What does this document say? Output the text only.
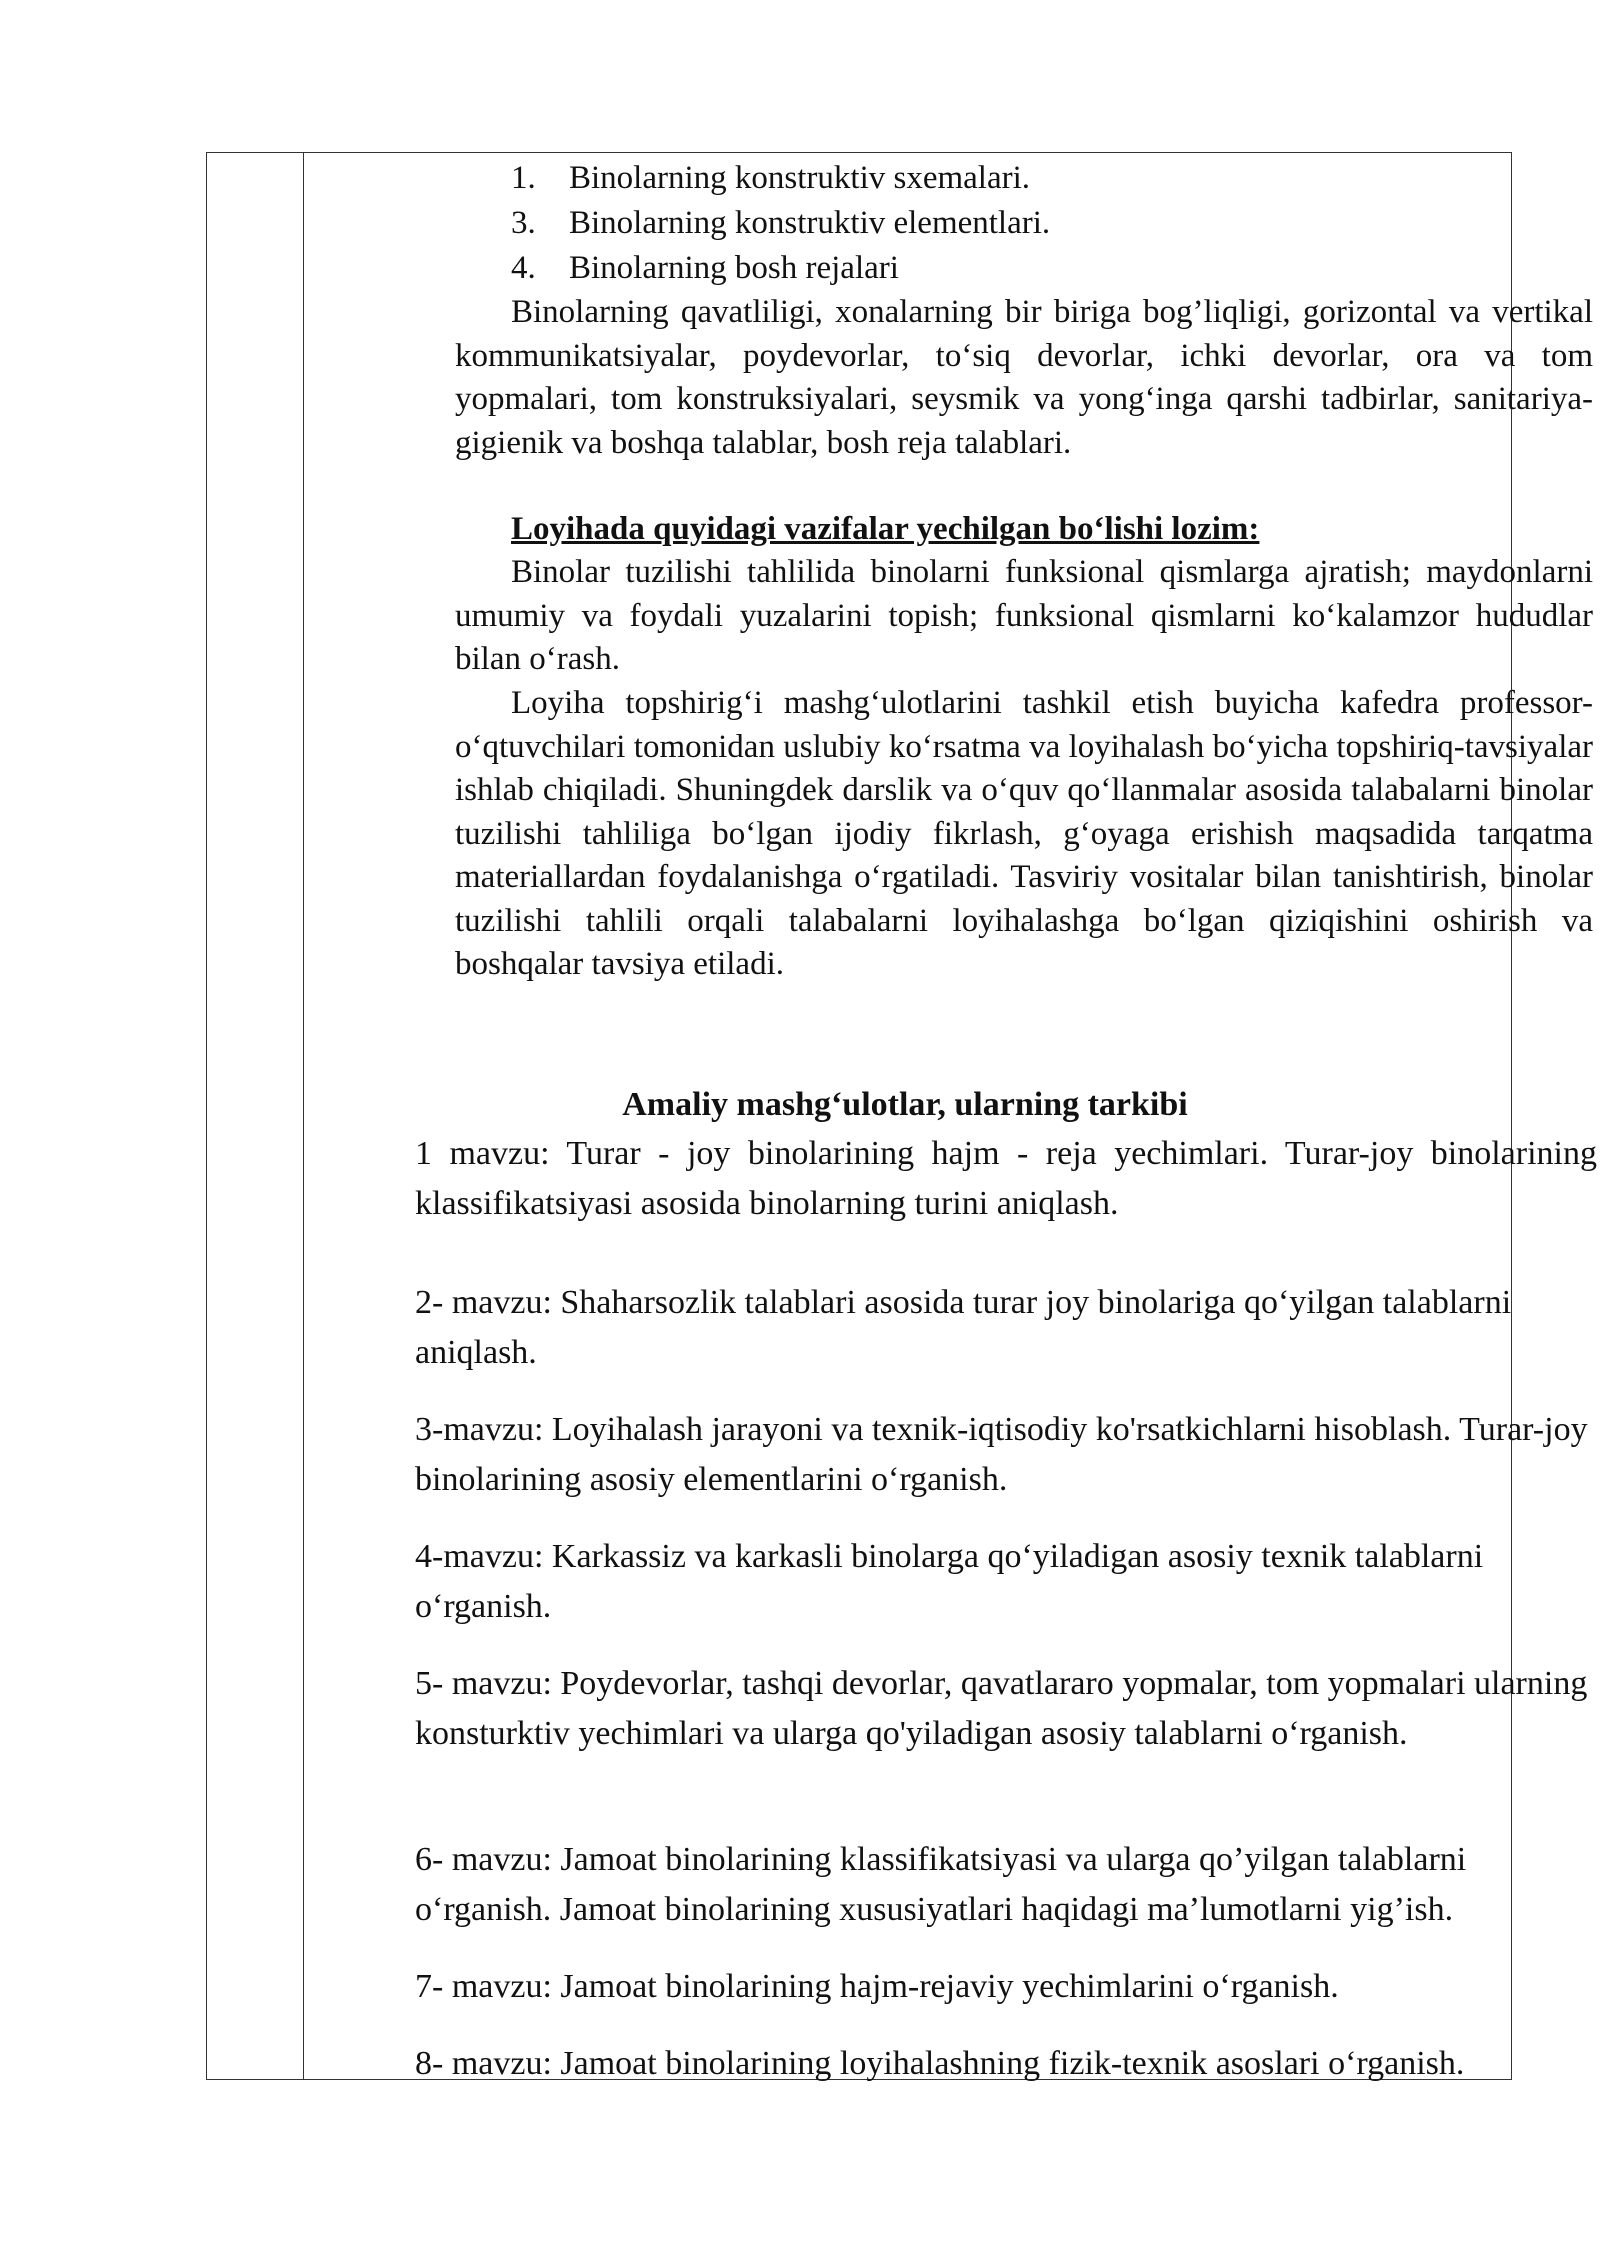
1. Binolarning konstruktiv sxemalari.
3. Binolarning konstruktiv elementlari.
4. Binolarning bosh rejalari

Binolarning qavatliligi, xonalarning bir biriga bog’liqligi, gorizontal va vertikal kommunikatsiyalar, poydevorlar, to‘siq devorlar, ichki devorlar, ora va tom yopmalari, tom konstruksiyalari, seysmik va yong‘inga qarshi tadbirlar, sanitariya-gigienik va boshqa talablar, bosh reja talablari.

Loyihada quyidagi vazifalar yechilgan bo‘lishi lozim:

Binolar tuzilishi tahlilida binolarni funksional qismlarga ajratish; maydonlarni umumiy va foydali yuzalarini topish; funksional qismlarni ko‘kalamzor hududlar bilan o‘rash.

Loyiha topshirig‘i mashg‘ulotlarini tashkil etish buyicha kafedra professor-o‘qtuvchilari tomonidan uslubiy ko‘rsatma va loyihalash bo‘yicha topshiriq-tavsiyalar ishlab chiqiladi. Shuningdek darslik va o‘quv qo‘llanmalar asosida talabalarni binolar tuzilishi tahliliga bo‘lgan ijodiy fikrlash, g‘oyaga erishish maqsadida tarqatma materiallardan foydalanishga o‘rgatiladi. Tasviriy vositalar bilan tanishtirish, binolar tuzilishi tahlili orqali talabalarni loyihalashga bo‘lgan qiziqishini oshirish va boshqalar tavsiya etiladi.

Amaliy mashg‘ulotlar, ularning tarkibi

1 mavzu: Turar - joy binolarining hajm - reja yechimlari. Turar-joy binolarining klassifikatsiyasi asosida binolarning turini aniqlash.

2- mavzu: Shaharsozlik talablari asosida turar joy binolariga qo‘yilgan talablarni aniqlash.

3-mavzu: Loyihalash jarayoni va texnik-iqtisodiy ko'rsatkichlarni hisoblash. Turar-joy binolarining asosiy elementlarini o‘rganish.

4-mavzu: Karkassiz va karkasli binolarga qo‘yiladigan asosiy texnik talablarni o‘rganish.

5- mavzu: Poydevorlar, tashqi devorlar, qavatlararo yopmalar, tom yopmalari ularning konsturktiv yechimlari va ularga qo'yiladigan asosiy talablarni o‘rganish.

6- mavzu: Jamoat binolarining klassifikatsiyasi va ularga qo’yilgan talablarni o‘rganish. Jamoat binolarining xususiyatlari haqidagi ma’lumotlarni yig’ish.

7- mavzu: Jamoat binolarining hajm-rejaviy yechimlarini o‘rganish.

8- mavzu: Jamoat binolarining loyihalashning fizik-texnik asoslari o‘rganish.
